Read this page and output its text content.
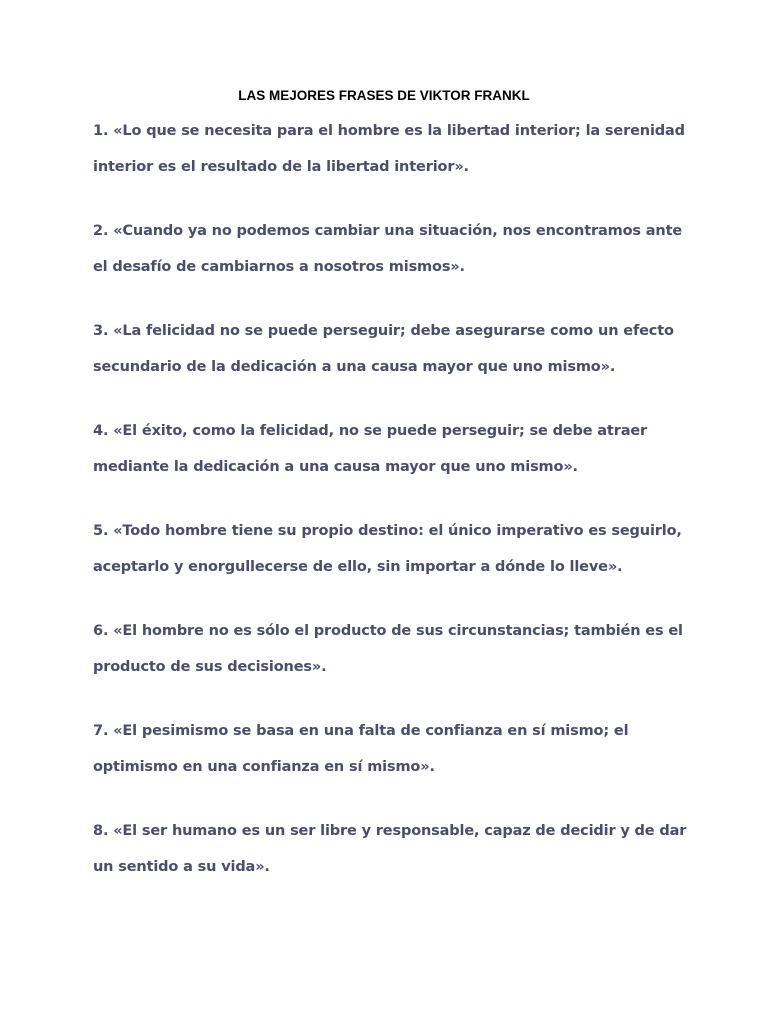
LAS MEJORES FRASES DE VIKTOR FRANKL
1. «Lo que se necesita para el hombre es la libertad interior; la serenidad interior es el resultado de la libertad interior».
2. «Cuando ya no podemos cambiar una situación, nos encontramos ante el desafío de cambiarnos a nosotros mismos».
3. «La felicidad no se puede perseguir; debe asegurarse como un efecto secundario de la dedicación a una causa mayor que uno mismo».
4. «El éxito, como la felicidad, no se puede perseguir; se debe atraer mediante la dedicación a una causa mayor que uno mismo».
5. «Todo hombre tiene su propio destino: el único imperativo es seguirlo, aceptarlo y enorgullecerse de ello, sin importar a dónde lo lleve».
6. «El hombre no es sólo el producto de sus circunstancias; también es el producto de sus decisiones».
7. «El pesimismo se basa en una falta de confianza en sí mismo; el optimismo en una confianza en sí mismo».
8. «El ser humano es un ser libre y responsable, capaz de decidir y de dar un sentido a su vida».
